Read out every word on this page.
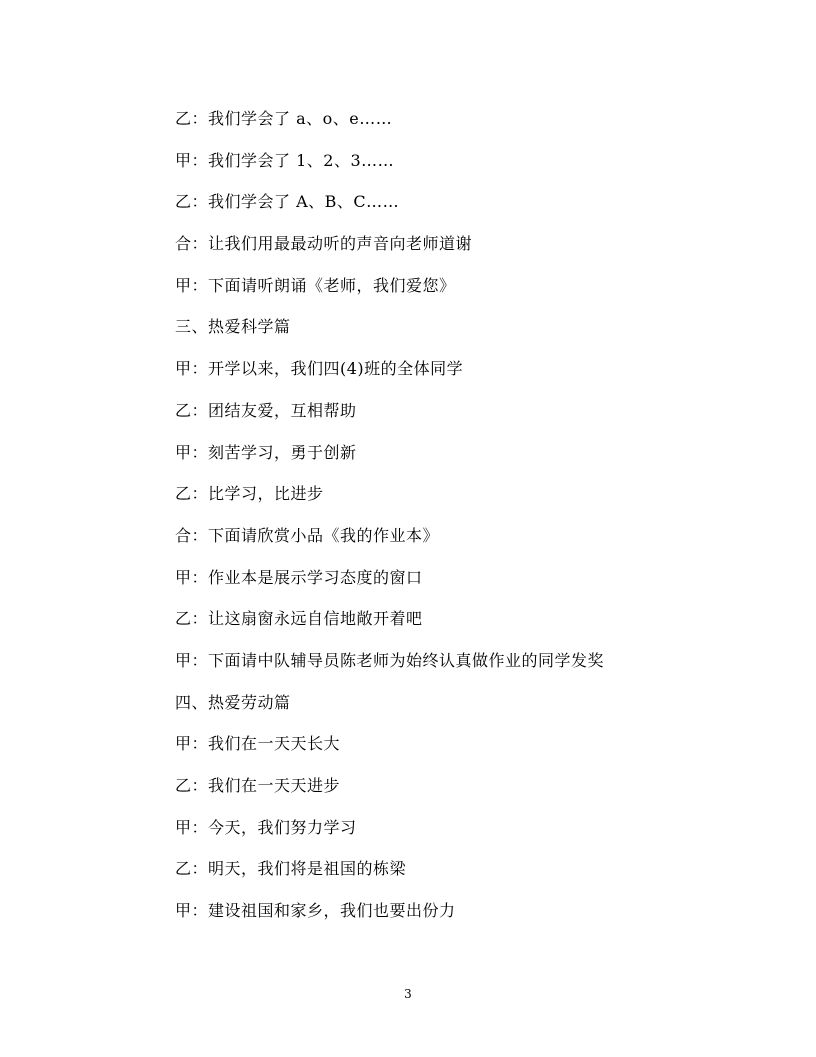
乙：我们学会了 a、o、e……
甲：我们学会了 1、2、3……
乙：我们学会了 A、B、C……
合：让我们用最最动听的声音向老师道谢
甲：下面请听朗诵《老师，我们爱您》
三、热爱科学篇
甲：开学以来，我们四(4)班的全体同学
乙：团结友爱，互相帮助
甲：刻苦学习，勇于创新
乙：比学习，比进步
合：下面请欣赏小品《我的作业本》
甲：作业本是展示学习态度的窗口
乙：让这扇窗永远自信地敞开着吧
甲：下面请中队辅导员陈老师为始终认真做作业的同学发奖
四、热爱劳动篇
甲：我们在一天天长大
乙：我们在一天天进步
甲：今天，我们努力学习
乙：明天，我们将是祖国的栋梁
甲：建设祖国和家乡，我们也要出份力
3
